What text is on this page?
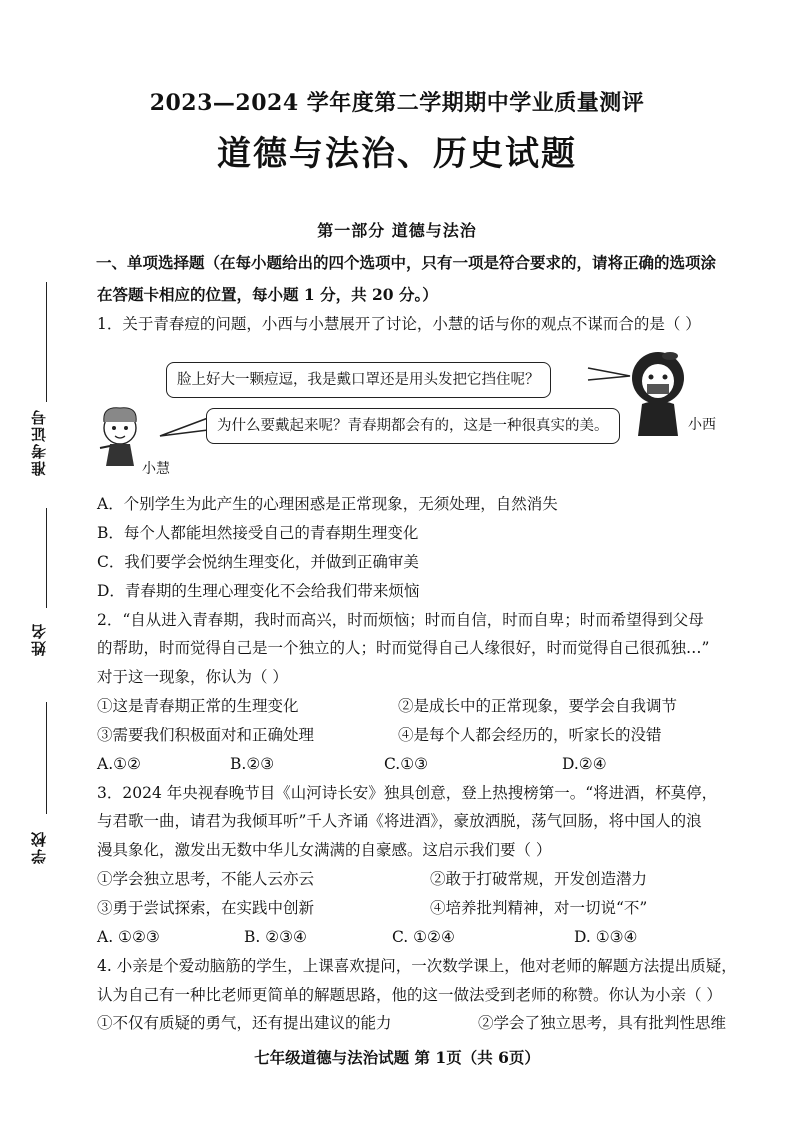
准考证号
姓名
学校
2023—2024 学年度第二学期期中学业质量测评
道德与法治、历史试题
第一部分 道德与法治
一、单项选择题（在每小题给出的四个选项中，只有一项是符合要求的，请将正确的选项涂
在答题卡相应的位置，每小题 1 分，共 20 分。）
1．关于青春痘的问题，小西与小慧展开了讨论，小慧的话与你的观点不谋而合的是（ ）
脸上好大一颗痘逗，我是戴口罩还是用头发把它挡住呢？
为什么要戴起来呢？青春期都会有的，这是一种很真实的美。	小西
小慧
A．个别学生为此产生的心理困惑是正常现象，无须处理，自然消失
B．每个人都能坦然接受自己的青春期生理变化
C．我们要学会悦纳生理变化，并做到正确审美
D．青春期的生理心理变化不会给我们带来烦恼
2．“自从进入青春期，我时而高兴，时而烦恼；时而自信，时而自卑；时而希望得到父母
的帮助，时而觉得自己是一个独立的人；时而觉得自己人缘很好，时而觉得自己很孤独…”
对于这一现象，你认为（ ）
①这是青春期正常的生理变化	②是成长中的正常现象，要学会自我调节
③需要我们积极面对和正确处理	④是每个人都会经历的，听家长的没错
A.①②	B.②③	C.①③	D.②④
3．2024 年央视春晚节目《山河诗长安》独具创意，登上热搜榜第一。“将进酒，杯莫停，
与君歌一曲，请君为我倾耳听”千人齐诵《将进酒》，豪放洒脱，荡气回肠，将中国人的浪
漫具象化，激发出无数中华儿女满满的自豪感。这启示我们要（ ）
①学会独立思考，不能人云亦云	②敢于打破常规，开发创造潜力
③勇于尝试探索，在实践中创新	④培养批判精神，对一切说“不”
A. ①②③	B. ②③④	C. ①②④	D. ①③④
4. 小亲是个爱动脑筋的学生，上课喜欢提问，一次数学课上，他对老师的解题方法提出质疑，
认为自己有一种比老师更简单的解题思路，他的这一做法受到老师的称赞。你认为小亲（ ）
①不仅有质疑的勇气，还有提出建议的能力	②学会了独立思考，具有批判性思维
七年级道德与法治试题 第 1页（共 6页）
